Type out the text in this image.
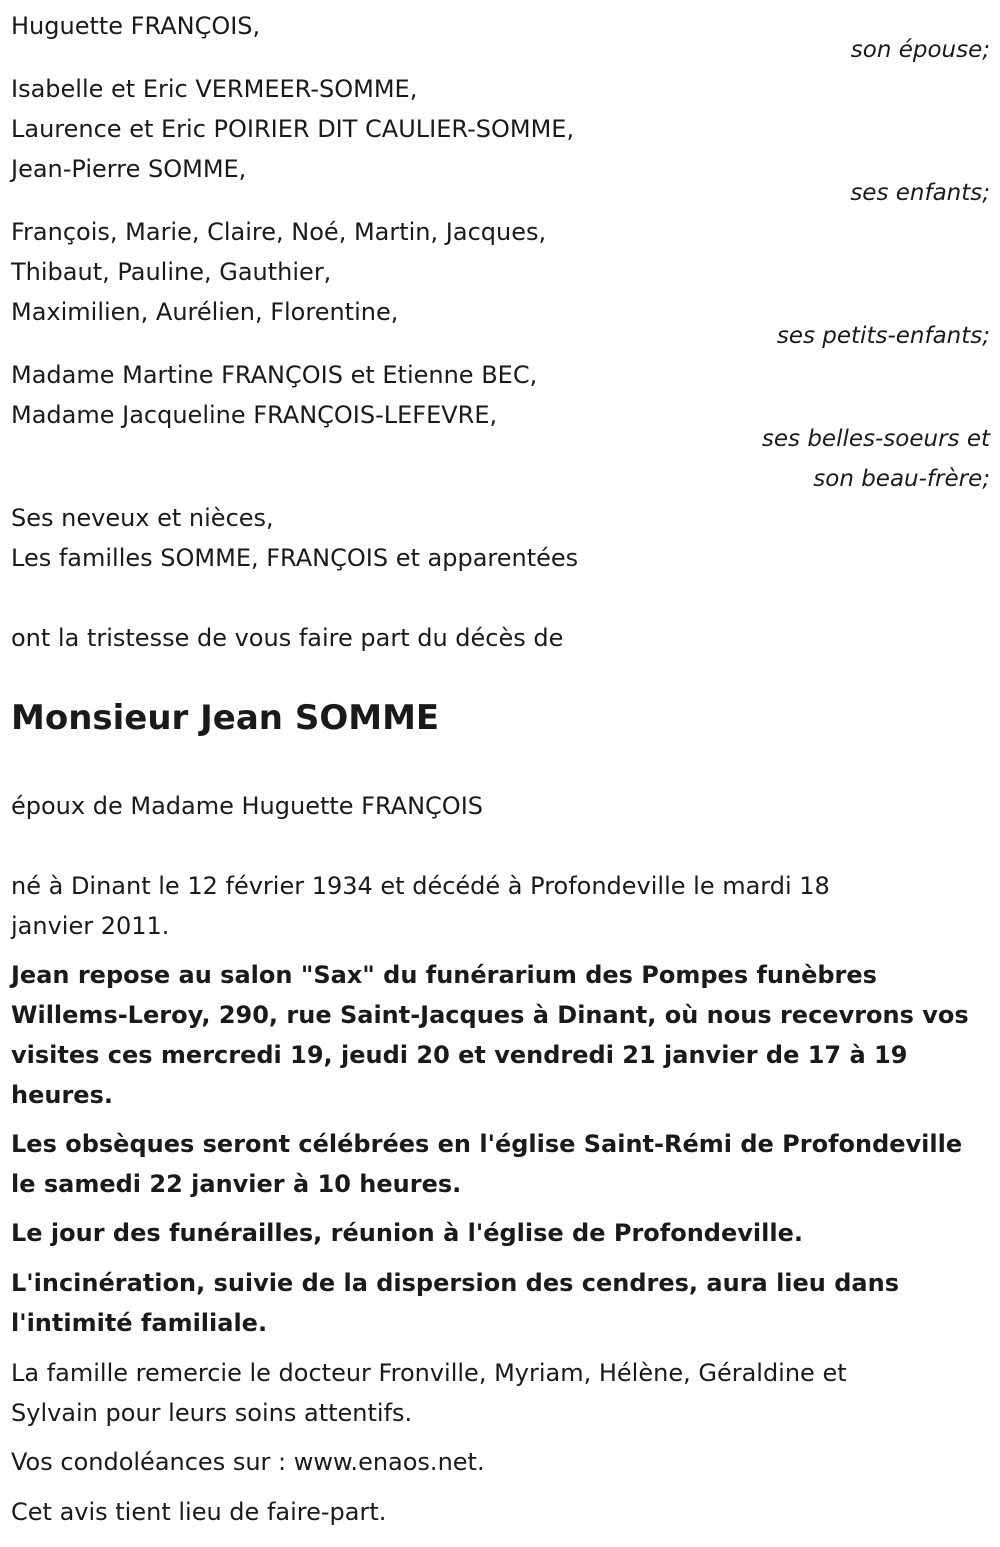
Huguette FRANÇOIS,

son épouse;

Isabelle et Eric VERMEER-SOMME,

Laurence et Eric POIRIER DIT CAULIER-SOMME,

Jean-Pierre SOMME,

ses enfants;

François, Marie, Claire, Noé, Martin, Jacques,

Thibaut, Pauline, Gauthier,

Maximilien, Aurélien, Florentine,

ses petits-enfants;

Madame Martine FRANÇOIS et Etienne BEC,

Madame Jacqueline FRANÇOIS-LEFEVRE,

ses belles-soeurs et

son beau-frère;

Ses neveux et nièces,

Les familles SOMME, FRANÇOIS et apparentées

ont la tristesse de vous faire part du décès de

Monsieur Jean SOMME

époux de Madame Huguette FRANÇOIS

né à Dinant le 12 février 1934 et décédé à Profondeville le mardi 18

janvier 2011.

Jean repose au salon "Sax" du funérarium des Pompes funèbres

Willems-Leroy, 290, rue Saint-Jacques à Dinant, où nous recevrons vos

visites ces mercredi 19, jeudi 20 et vendredi 21 janvier de 17 à 19

heures.

Les obsèques seront célébrées en l'église Saint-Rémi de Profondeville

le samedi 22 janvier à 10 heures.

Le jour des funérailles, réunion à l'église de Profondeville.

L'incinération, suivie de la dispersion des cendres, aura lieu dans

l'intimité familiale.

La famille remercie le docteur Fronville, Myriam, Hélène, Géraldine et

Sylvain pour leurs soins attentifs.

Vos condoléances sur : www.enaos.net.

Cet avis tient lieu de faire-part.
